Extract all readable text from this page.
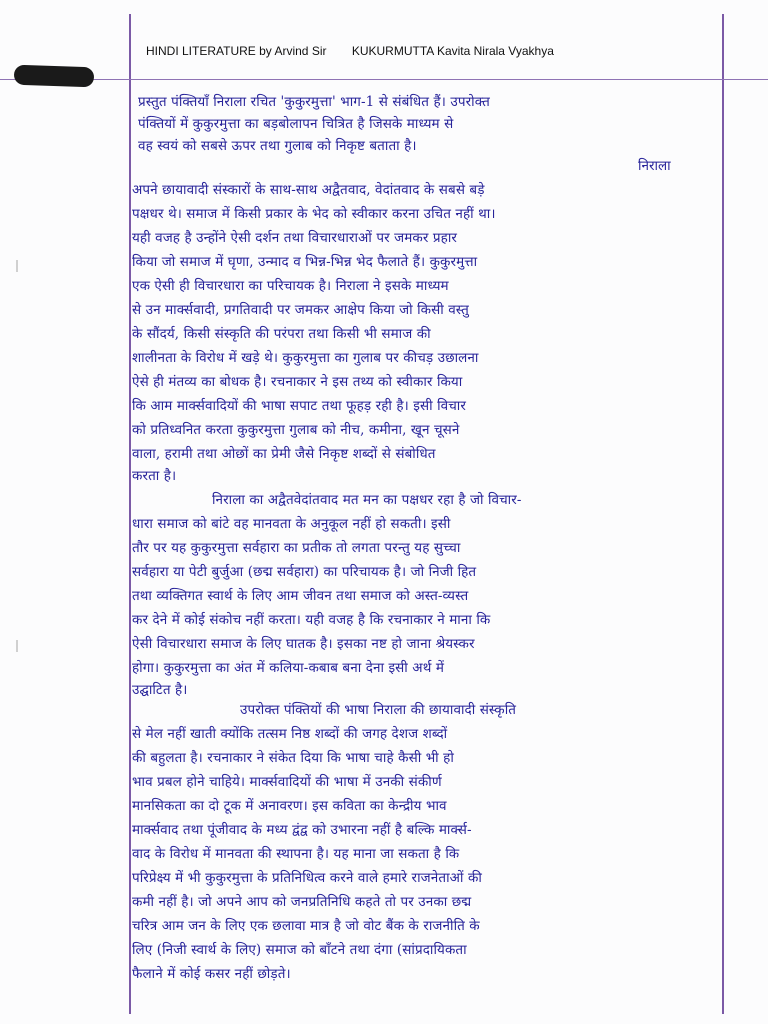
HINDI LITERATURE by Arvind Sir KUKURMUTTA Kavita Nirala Vyakhya
निराला

प्रस्तुत पंक्तियाँ निराला रचित 'कुकुरमुत्ता' भाग-1 से संबंधित हैं। उपरोक्त

पंक्तियों में कुकुरमुत्ता का बड़बोलापन चित्रित है जिसके माध्यम से

वह स्वयं को सबसे ऊपर तथा गुलाब को निकृष्ट बताता है।

अपने छायावादी संस्कारों के साथ-साथ अद्वैतवाद, वेदांतवाद के सबसे बड़े

पक्षधर थे। समाज में किसी प्रकार के भेद को स्वीकार करना उचित नहीं था।

यही वजह है उन्होंने ऐसी दर्शन तथा विचारधाराओं पर जमकर प्रहार

किया जो समाज में घृणा, उन्माद व भिन्न-भिन्न भेद फैलाते हैं। कुकुरमुत्ता

एक ऐसी ही विचारधारा का परिचायक है। निराला ने इसके माध्यम

से उन मार्क्सवादी, प्रगतिवादी पर जमकर आक्षेप किया जो किसी वस्तु

के सौंदर्य, किसी संस्कृति की परंपरा तथा किसी भी समाज की

शालीनता के विरोध में खड़े थे। कुकुरमुत्ता का गुलाब पर कीचड़ उछालना

ऐसे ही मंतव्य का बोधक है। रचनाकार ने इस तथ्य को स्वीकार किया

कि आम मार्क्सवादियों की भाषा सपाट तथा फूहड़ रही है। इसी विचार

को प्रतिध्वनित करता कुकुरमुत्ता गुलाब को नीच, कमीना, खून चूसने

वाला, हरामी तथा ओछों का प्रेमी जैसे निकृष्ट शब्दों से संबोधित

करता है।

निराला का अद्वैतवेदांतवाद मत मन का पक्षधर रहा है जो विचार-

धारा समाज को बांटे वह मानवता के अनुकूल नहीं हो सकती। इसी

तौर पर यह कुकुरमुत्ता सर्वहारा का प्रतीक तो लगता परन्तु यह सुच्चा

सर्वहारा या पेटी बुर्जुआ (छद्म सर्वहारा) का परिचायक है। जो निजी हित

तथा व्यक्तिगत स्वार्थ के लिए आम जीवन तथा समाज को अस्त-व्यस्त

कर देने में कोई संकोच नहीं करता। यही वजह है कि रचनाकार ने माना कि

ऐसी विचारधारा समाज के लिए घातक है। इसका नष्ट हो जाना श्रेयस्कर

होगा। कुकुरमुत्ता का अंत में कलिया-कबाब बना देना इसी अर्थ में

उद्घाटित है।

उपरोक्त पंक्तियों की भाषा निराला की छायावादी संस्कृति

से मेल नहीं खाती क्योंकि तत्सम निष्ठ शब्दों की जगह देशज शब्दों

की बहुलता है। रचनाकार ने संकेत दिया कि भाषा चाहे कैसी भी हो

भाव प्रबल होने चाहिये। मार्क्सवादियों की भाषा में उनकी संकीर्ण

मानसिकता का दो टूक में अनावरण। इस कविता का केन्द्रीय भाव

मार्क्सवाद तथा पूंजीवाद के मध्य द्वंद्व को उभारना नहीं है बल्कि मार्क्स-

वाद के विरोध में मानवता की स्थापना है। यह माना जा सकता है कि

परिप्रेक्ष्य में भी कुकुरमुत्ता के प्रतिनिधित्व करने वाले हमारे राजनेताओं की

कमी नहीं है। जो अपने आप को जनप्रतिनिधि कहते तो पर उनका छद्म

चरित्र आम जन के लिए एक छलावा मात्र है जो वोट बैंक के राजनीति के

लिए (निजी स्वार्थ के लिए) समाज को बाँटने तथा दंगा (सांप्रदायिकता

फैलाने में कोई कसर नहीं छोड़ते।
